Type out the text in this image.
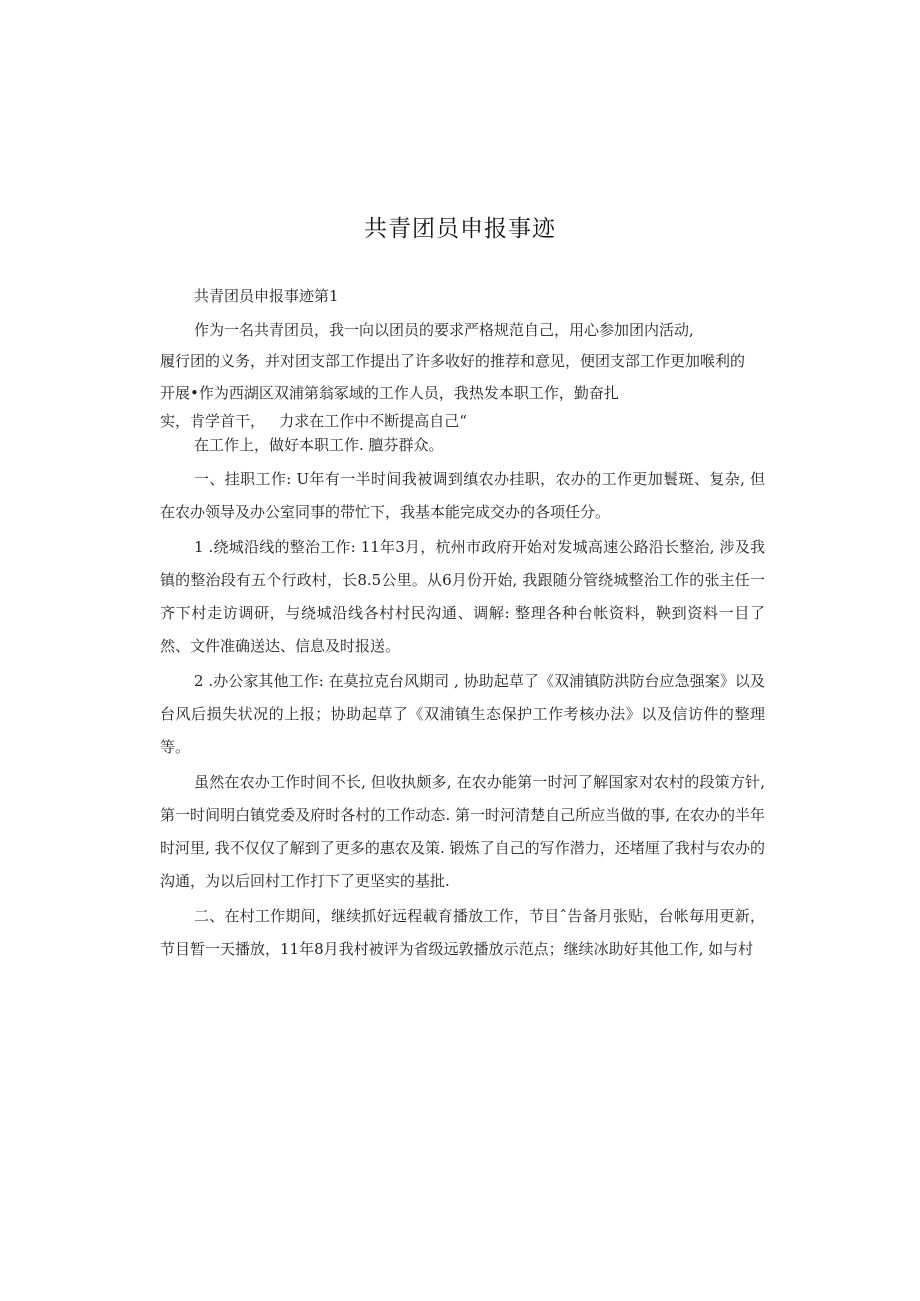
共青团员申报事迹
共青团员申报事迹第1
作为一名共青团员，我一向以团员的要求严格规范自己，用心参加团内活动,
履行团的义务，并对团支部工作提出了许多收好的推荐和意见，便团支部工作更加喉利的
开展•作为西湖区双浦第翁冢域的工作人员，我热发本职工作，勤奋扎
实，肯学首干，   力求在工作中不断提高自己“
在工作上，做好本职工作. 膻芬群众。

一、挂职工作: U年有一半时间我被调到缜农办挂职，农办的工作更加鬟斑、复杂, 但在农办领导及办公室同事的带忙下，我基本能完成交办的各项任分。

1 .绕城沿线的整治工作: 11年3月，杭州市政府开始对发城高速公路沿长整治, 涉及我镇的整治段有五个行政村，长8.5公里。从6月份开始, 我跟随分管绕城整治工作的张主任一齐下村走访调研，与绕城沿线各村村民沟通、调解: 整理各种台帐资料，鞅到资料一目了然、文件准确送达、信息及时报送。

2 .办公家其他工作: 在莫拉克台风期司 , 协助起草了《双浦镇防洪防台应急强案》以及台风后损失状况的上报；协助起草了《双浦镇生态保护工作考核办法》以及信访件的整理等。

虽然在农办工作时间不长, 但收执颇多, 在农办能第一时河了解国家对农村的段策方针, 第一时间明白镇党委及府时各村的工作动态. 第一时河清楚自己所应当做的事, 在农办的半年时河里, 我不仅仅了解到了更多的惠农及策. 锻炼了自己的写作潜力，还堵厘了我村与农办的沟通，为以后回村工作打下了更坚实的基批.

二、在村工作期间，继续抓好远程載育播放工作，节目ˆ告备月张贴，台帐毎用更新，节目暂一天播放，11年8月我村被评为省级远敦播放示范点；继续冰助好其他工作, 如与村
